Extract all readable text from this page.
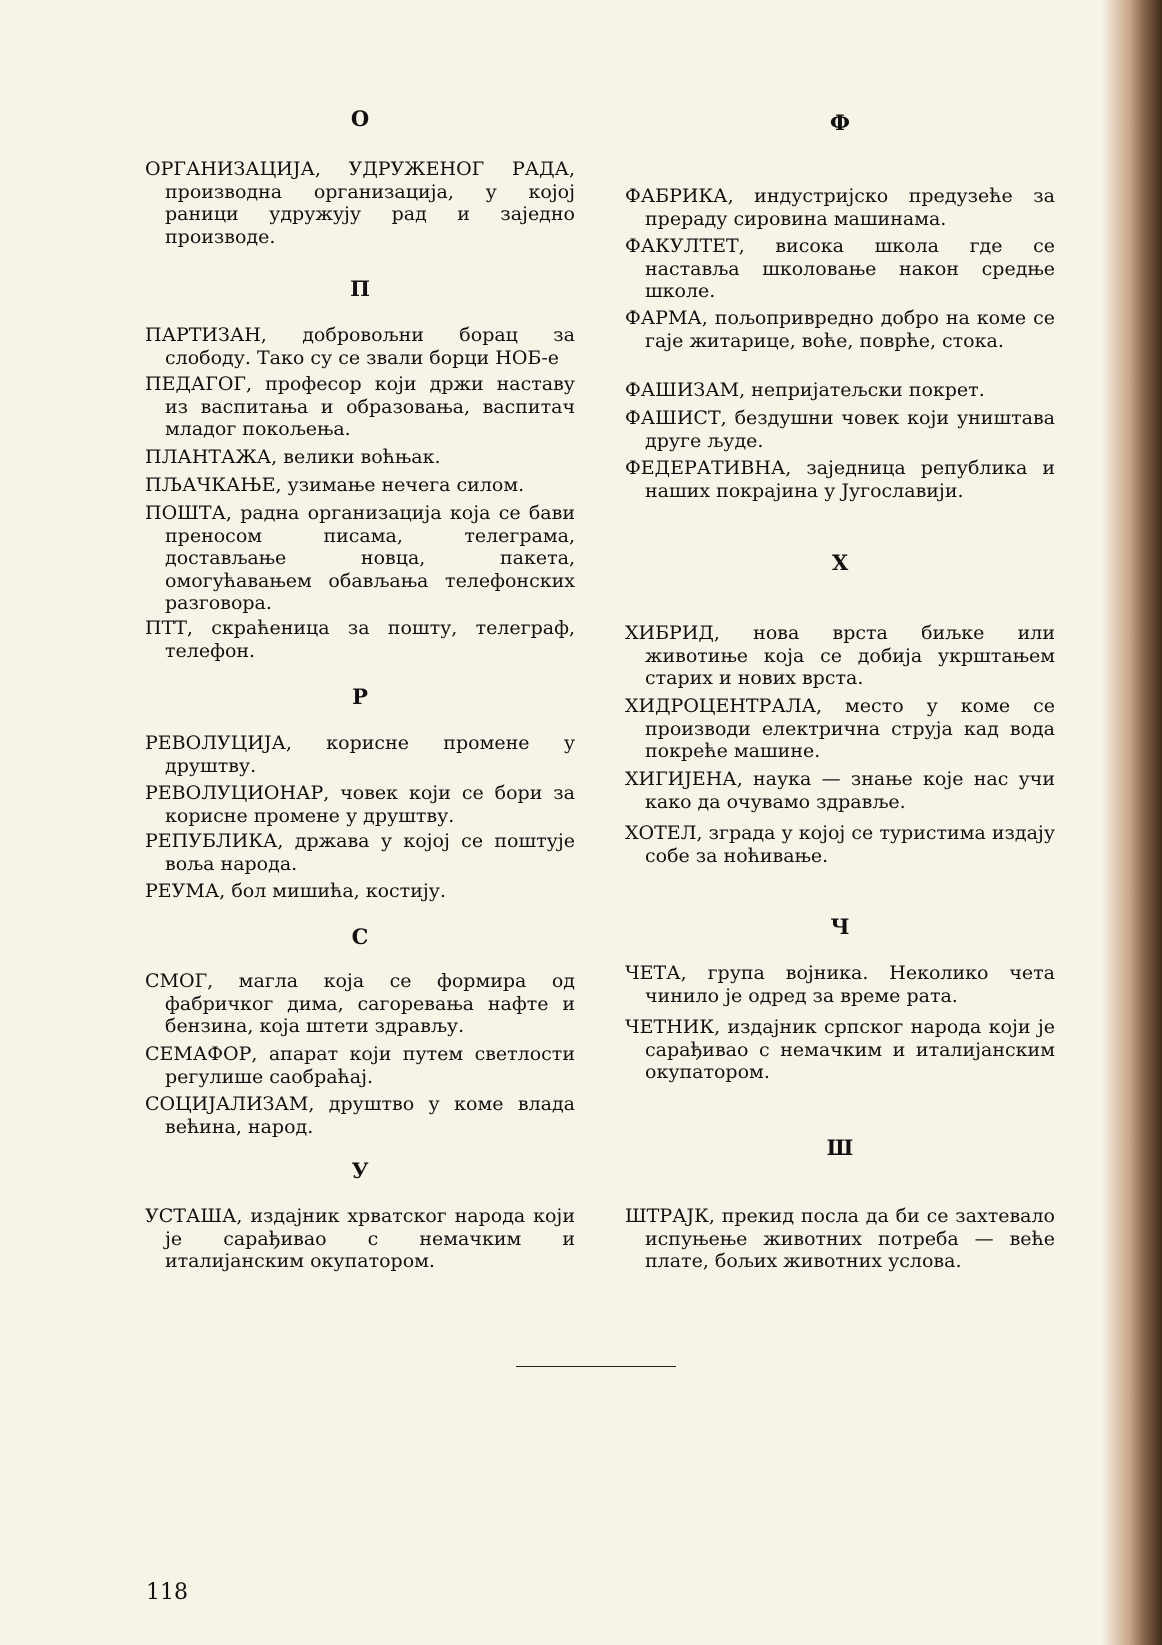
О
ОРГАНИЗАЦИЈА, УДРУЖЕНОГ РАДА, производна организација, у којој раници удружују рад и заједно производе.
П
ПАРТИЗАН, добровољни борац за слободу. Тако су се звали борци НОБ-е
ПЕДАГОГ, професор који држи наставу из васпитања и образовања, васпитач младог покољења.
ПЛАНТАЖА, велики воћњак.
ПЉАЧКАЊЕ, узимање нечега силом.
ПОШТА, радна организација која се бави преносом писама, телеграма, достављање новца, пакета, омогућавањем обављања телефонских разговора.
ПТТ, скраћеница за пошту, телеграф, телефон.
Р
РЕВОЛУЦИЈА, корисне промене у друштву.
РЕВОЛУЦИОНАР, човек који се бори за корисне промене у друштву.
РЕПУБЛИКА, држава у којој се поштује воља народа.
РЕУМА, бол мишића, костију.
С
СМОГ, магла која се формира од фабричког дима, сагоревања нафте и бензина, која штети здрављу.
СЕМАФОР, апарат који путем светлости регулише саобраћај.
СОЦИЈАЛИЗАМ, друштво у коме влада већина, народ.
У
УСТАША, издајник хрватског народа који је сарађивао с немачким и италијанским окупатором.
Ф
ФАБРИКА, индустријско предузеће за прераду сировина машинама.
ФАКУЛТЕТ, висока школа где се наставља школовање након средње школе.
ФАРМА, пољопривредно добро на коме се гаје житарице, воће, поврће, стока.
ФАШИЗАМ, непријатељски покрет.
ФАШИСТ, бездушни човек који уништава друге људе.
ФЕДЕРАТИВНА, заједница република и наших покрајина у Југославији.
Х
ХИБРИД, нова врста биљке или животиње која се добија укрштањем старих и нових врста.
ХИДРОЦЕНТРАЛА, место у коме се производи електрична струја кад вода покреће машине.
ХИГИЈЕНА, наука — знање које нас учи како да очувамо здравље.
ХОТЕЛ, зграда у којој се туристима издају собе за ноћивање.
Ч
ЧЕТА, група војника. Неколико чета чинило је одред за време рата.
ЧЕТНИК, издајник српског народа који је сарађивао с немачким и италијанским окупатором.
Ш
ШТРАЈК, прекид посла да би се захтевало испуњење животних потреба — веће плате, бољих животних услова.
118
